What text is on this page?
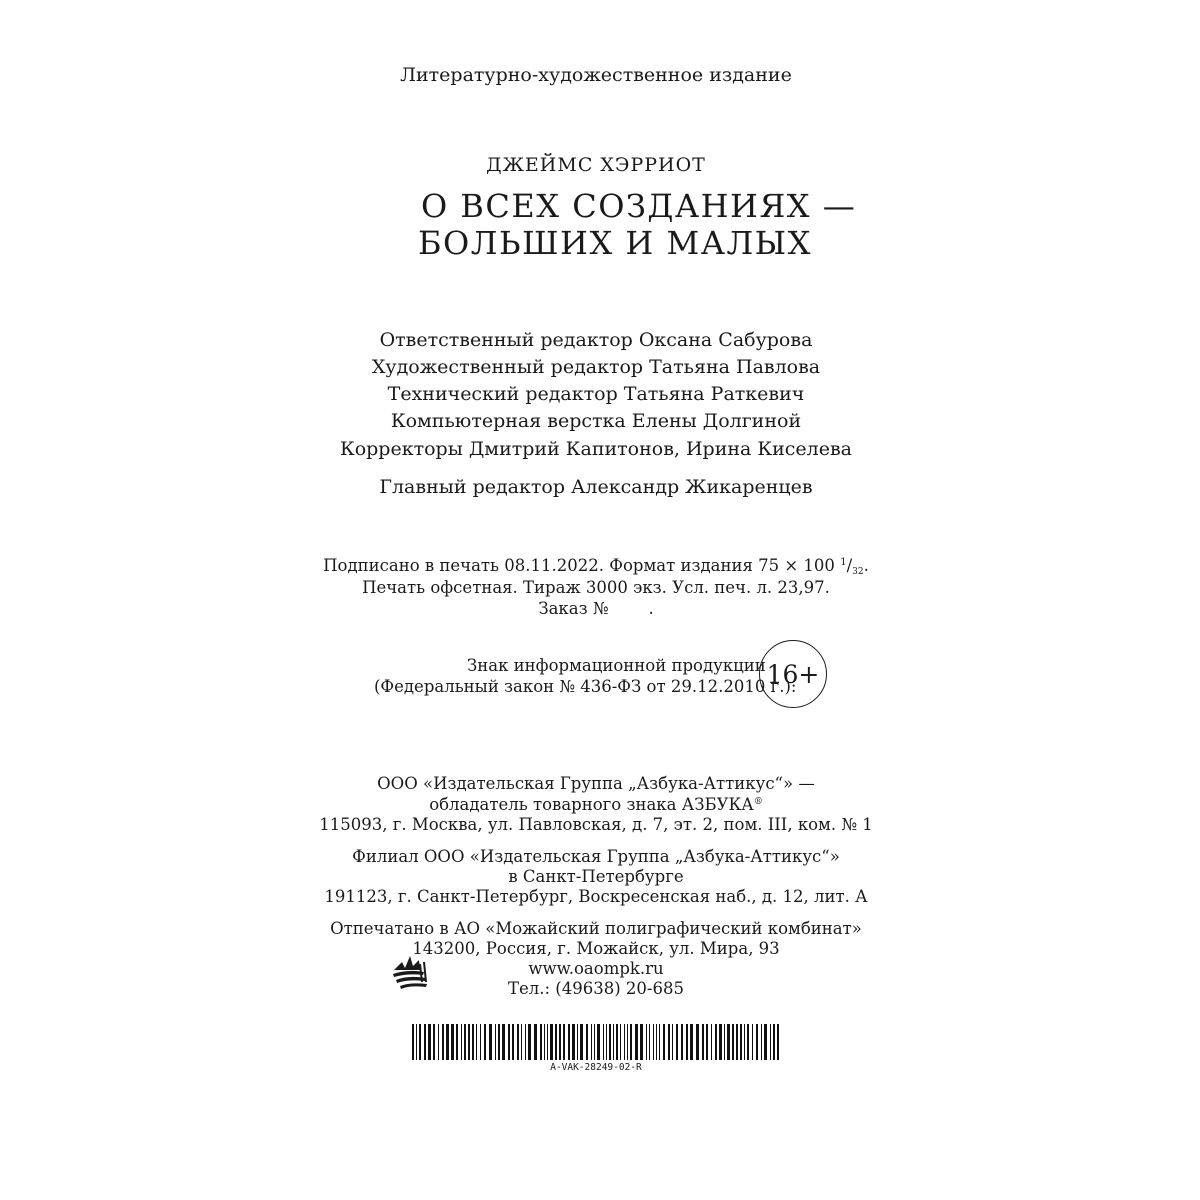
Литературно-художественное издание
ДЖЕЙМС ХЭРРИОТ
О ВСЕХ СОЗДАНИЯХ —
БОЛЬШИХ И МАЛЫХ
Ответственный редактор Оксана Сабурова
Художественный редактор Татьяна Павлова
Технический редактор Татьяна Раткевич
Компьютерная верстка Елены Долгиной
Корректоры Дмитрий Капитонов, Ирина Киселева
Главный редактор Александр Жикаренцев
Подписано в печать 08.11.2022. Формат издания 75 × 100 $^1/_{32}$.
Печать офсетная. Тираж 3000 экз. Усл. печ. л. 23,97.
Заказ № .
Знак информационной продукции
(Федеральный закон № 436-ФЗ от 29.12.2010 г.):
16+
ООО «Издательская Группа „Азбука-Аттикус“» —
обладатель товарного знака АЗБУКА®
115093, г. Москва, ул. Павловская, д. 7, эт. 2, пом. III, ком. № 1
Филиал ООО «Издательская Группа „Азбука-Аттикус“»
в Санкт-Петербурге
191123, г. Санкт-Петербург, Воскресенская наб., д. 12, лит. А
Отпечатано в АО «Можайский полиграфический комбинат»
143200, Россия, г. Можайск, ул. Мира, 93
www.oaompk.ru
Тел.: (49638) 20-685
A-VAK-28249-02-R
